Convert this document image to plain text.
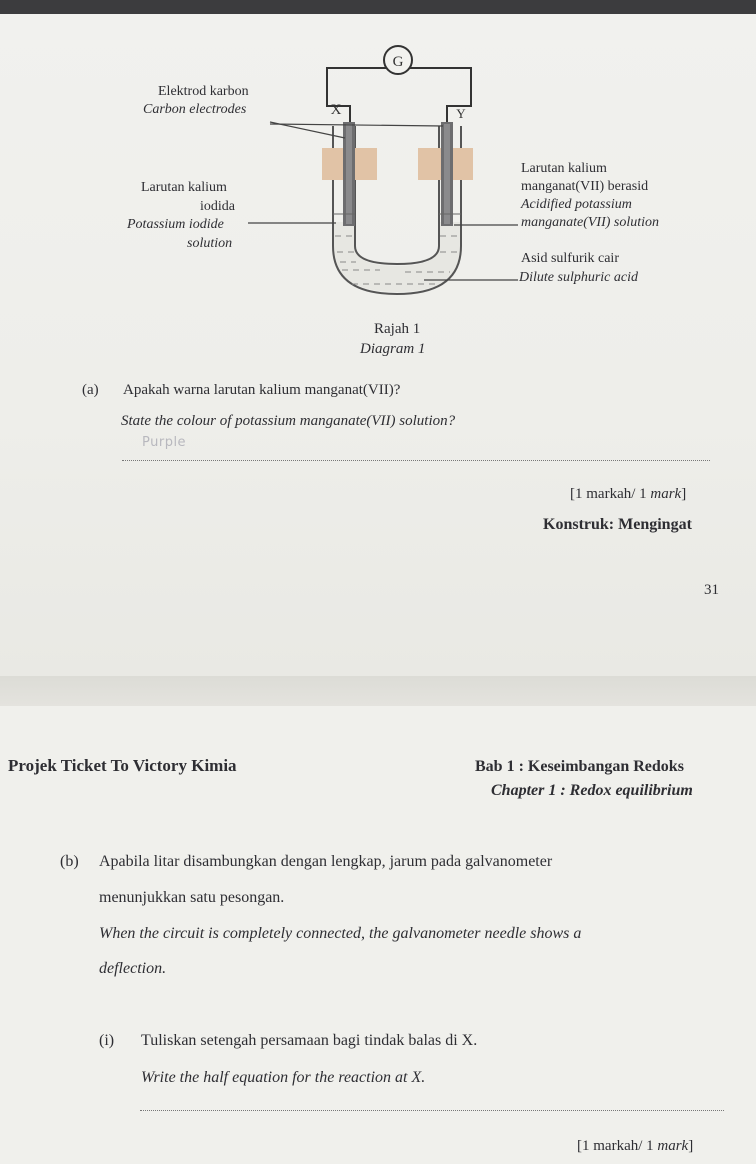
G
X	Y
Elektrod karbon
Carbon electrodes
Larutan kalium
iodida
Potassium iodide
solution
Larutan kalium
manganat(VII) berasid
Acidified potassium
manganate(VII) solution
Asid sulfurik cair
Dilute sulphuric acid
Rajah 1
Diagram 1
(a) Apakah warna larutan kalium manganat(VII)?
State the colour of potassium manganate(VII) solution?
Purple
[1 markah/ 1 mark]
Konstruk: Mengingat
31
Projek Ticket To Victory Kimia	Bab 1 : Keseimbangan Redoks
Chapter 1 : Redox equilibrium
(b) Apabila litar disambungkan dengan lengkap, jarum pada galvanometer
menunjukkan satu pesongan.
When the circuit is completely connected, the galvanometer needle shows a
deflection.
(i) Tuliskan setengah persamaan bagi tindak balas di X.
Write the half equation for the reaction at X.
[1 markah/ 1 mark]
